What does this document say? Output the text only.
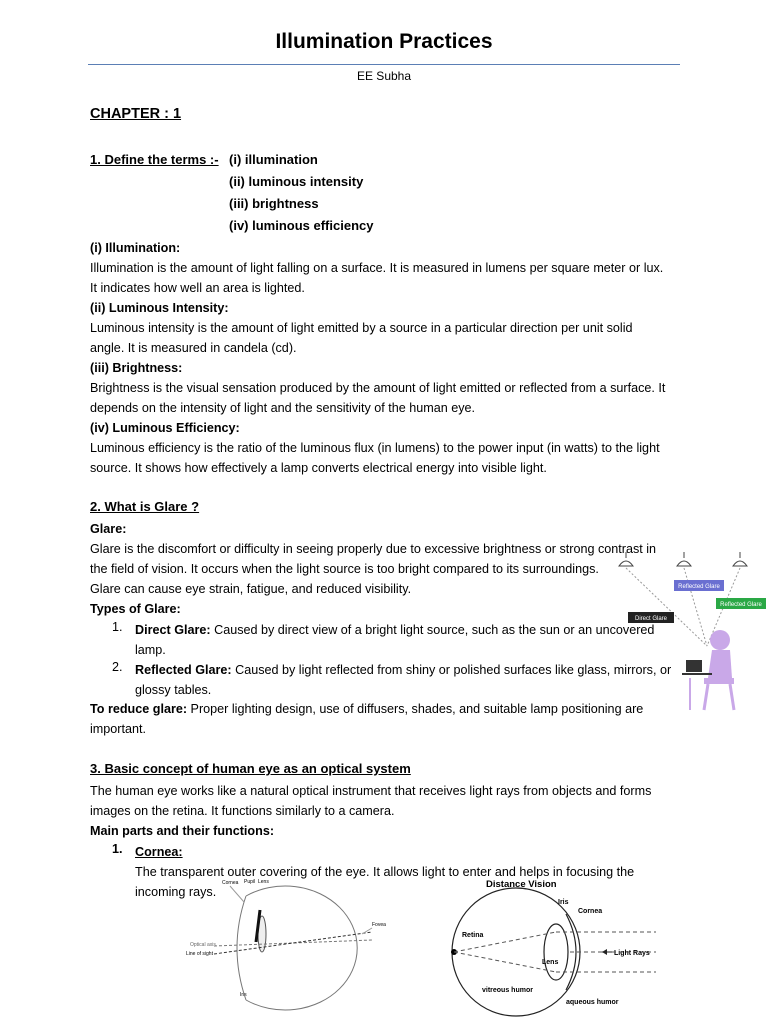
Illumination Practices
EE Subha
CHAPTER : 1
1. Define the terms :- (i) illumination
(ii) luminous intensity
(iii) brightness
(iv) luminous efficiency
(i) Illumination:
Illumination is the amount of light falling on a surface. It is measured in lumens per square meter or lux.
It indicates how well an area is lighted.
(ii) Luminous Intensity:
Luminous intensity is the amount of light emitted by a source in a particular direction per unit solid
angle. It is measured in candela (cd).
(iii) Brightness:
Brightness is the visual sensation produced by the amount of light emitted or reflected from a surface. It
depends on the intensity of light and the sensitivity of the human eye.
(iv) Luminous Efficiency:
Luminous efficiency is the ratio of the luminous flux (in lumens) to the power input (in watts) to the light
source. It shows how effectively a lamp converts electrical energy into visible light.
2. What is Glare ?
Glare:
Glare is the discomfort or difficulty in seeing properly due to excessive brightness or strong contrast in
the field of vision. It occurs when the light source is too bright compared to its surroundings.
Glare can cause eye strain, fatigue, and reduced visibility.
Types of Glare:
1. Direct Glare: Caused by direct view of a bright light source, such as the sun or an uncovered
lamp.
2. Reflected Glare: Caused by light reflected from shiny or polished surfaces like glass, mirrors, or
glossy tables.
To reduce glare: Proper lighting design, use of diffusers, shades, and suitable lamp positioning are
important.
Reflected Glare
Reflected Glare
Direct Glare
3. Basic concept of human eye as an optical system
The human eye works like a natural optical instrument that receives light rays from objects and forms
images on the retina. It functions similarly to a camera.
Main parts and their functions:
1. Cornea:
The transparent outer covering of the eye. It allows light to enter and helps in focusing the
incoming rays.
Cornea Pupil Lens
Fovea
Optical axis
Line of sight
Iris
Distance Vision
Iris
Cornea
Retina
Lens
Light Rays
vitreous humor
aqueous humor
